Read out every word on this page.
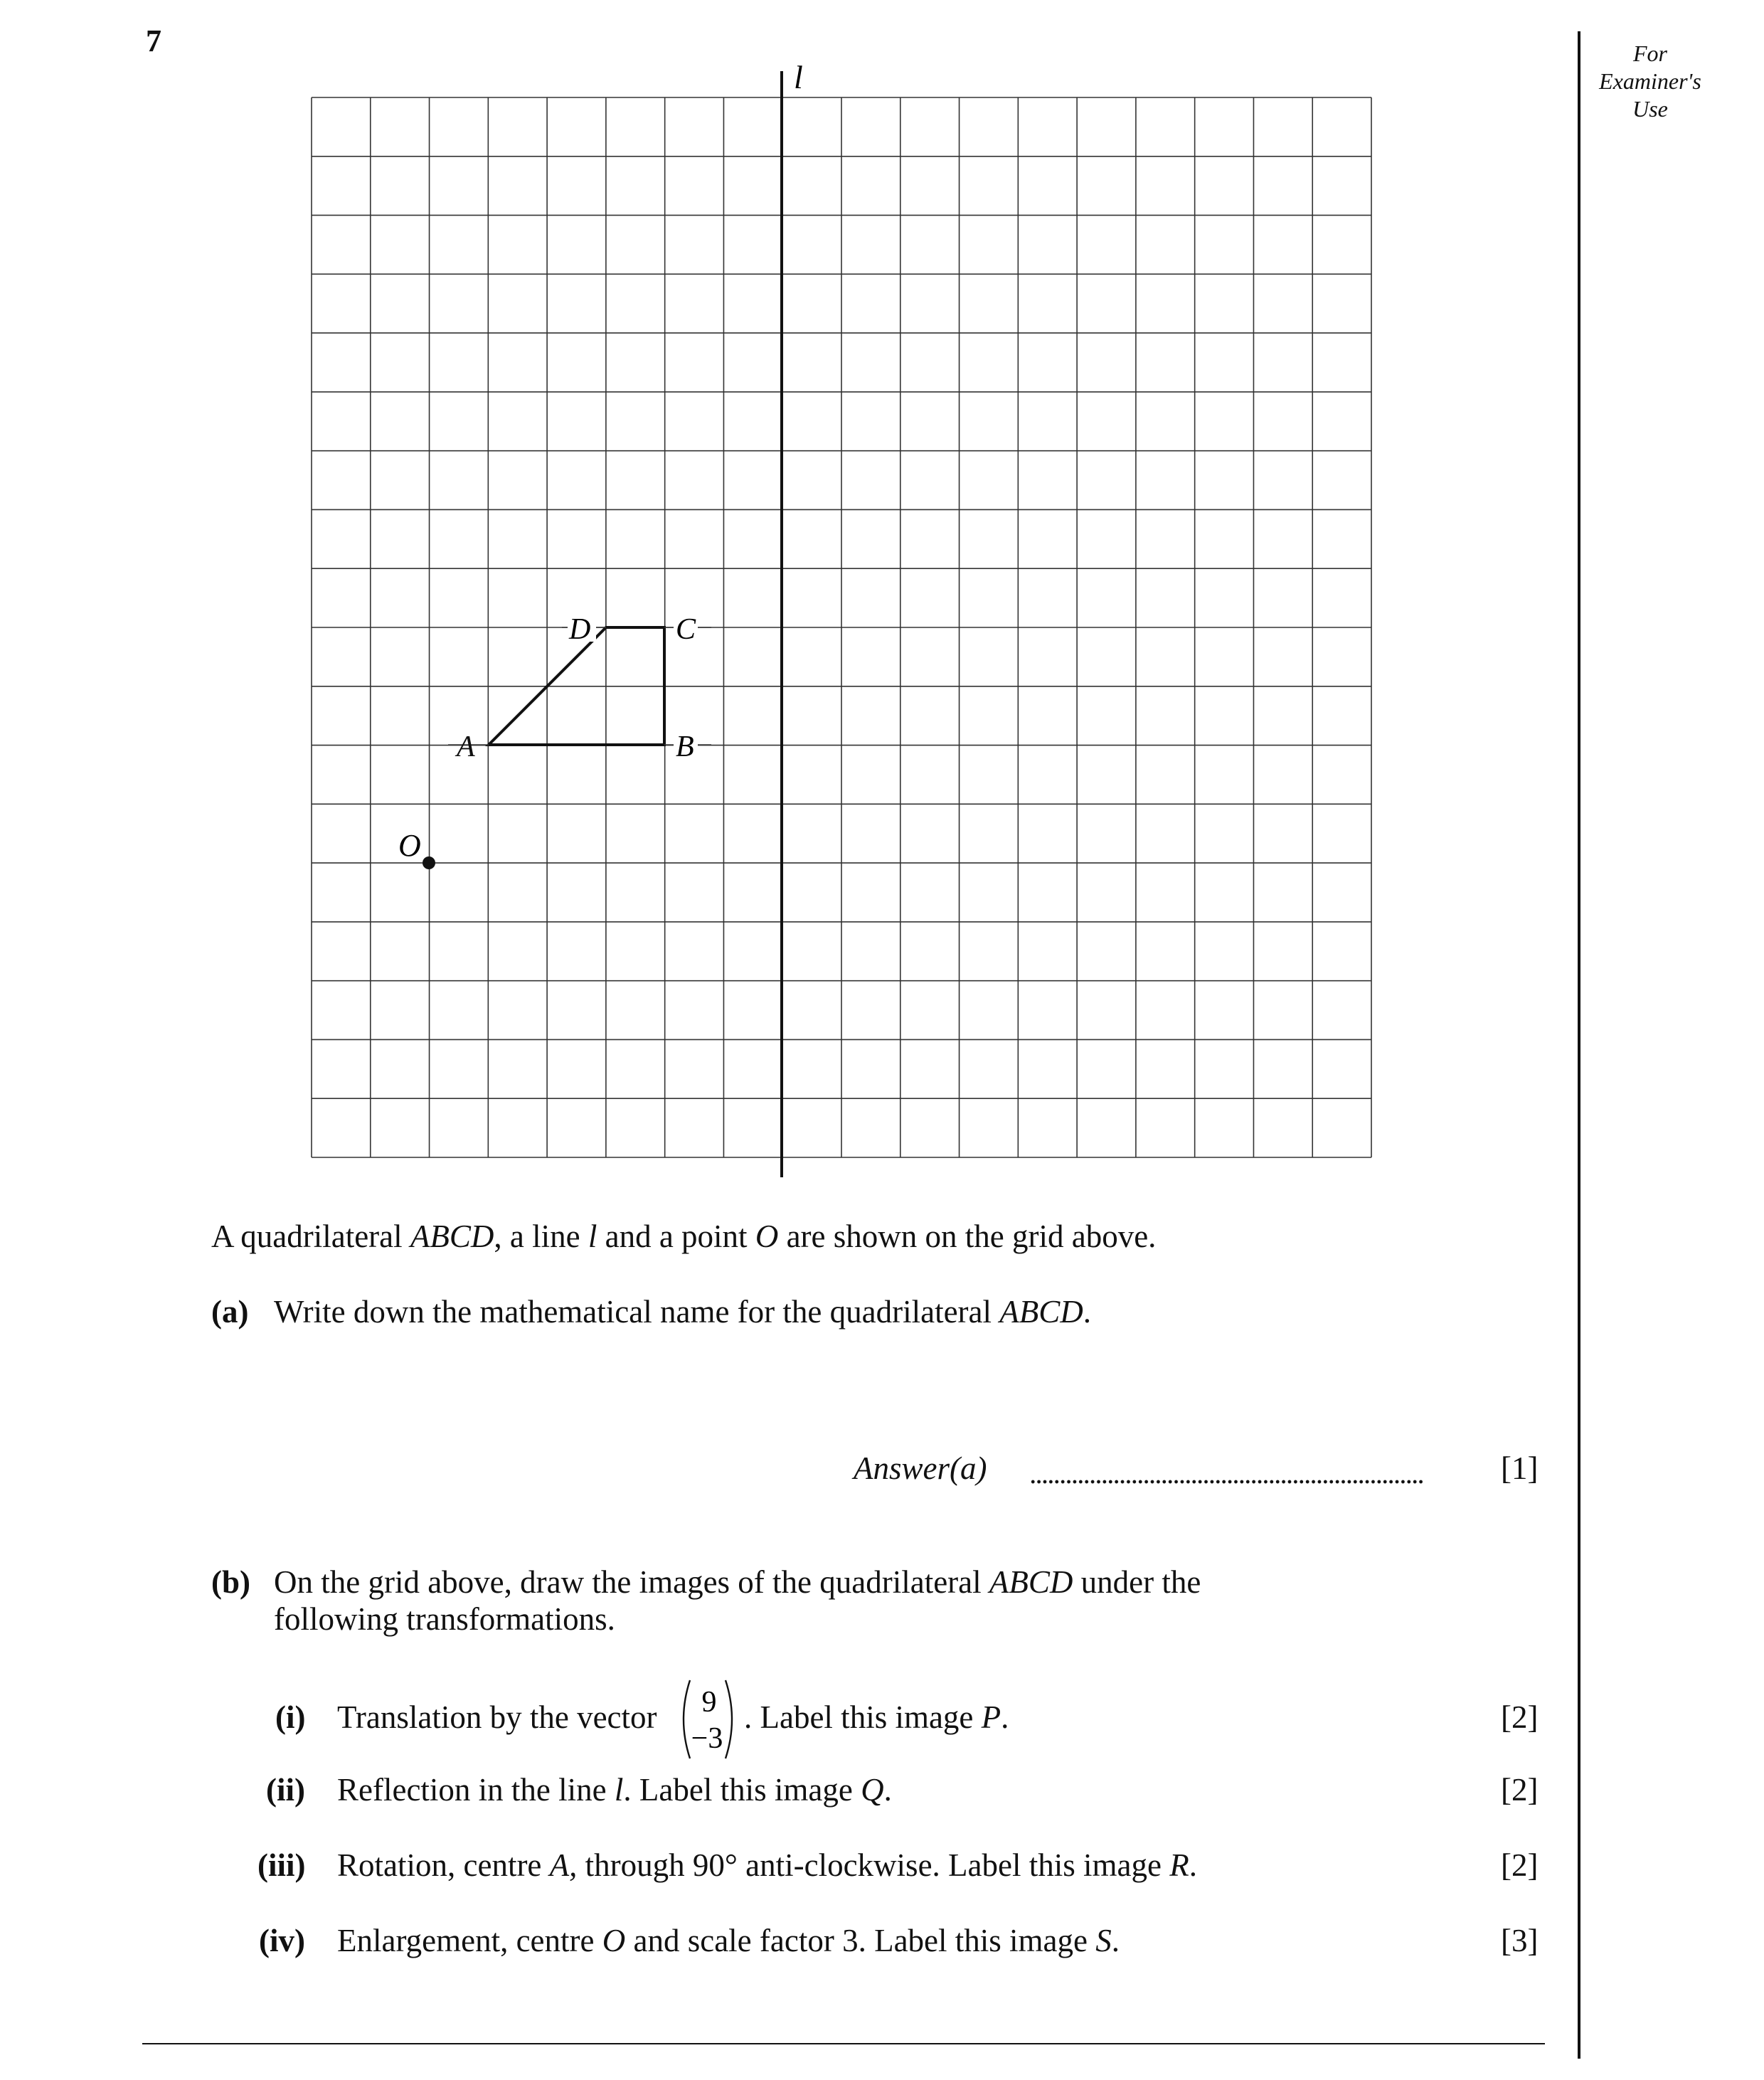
7	For
Examiner's
Use
l
A	B
C
D
O
A quadrilateral ABCD, a line l and a point O are shown on the grid above.
(a) Write down the mathematical name for the quadrilateral ABCD.
Answer(a)	[1]
(b) On the grid above, draw the images of the quadrilateral ABCD under the
following transformations.
(i) Translation by the vector 9
−3
. Label this image P.	[2]
(ii) Reflection in the line l. Label this image Q.	[2]
(iii) Rotation, centre A, through 90° anti-clockwise. Label this image R.	[2]
(iv) Enlargement, centre O and scale factor 3. Label this image S.	[3]
